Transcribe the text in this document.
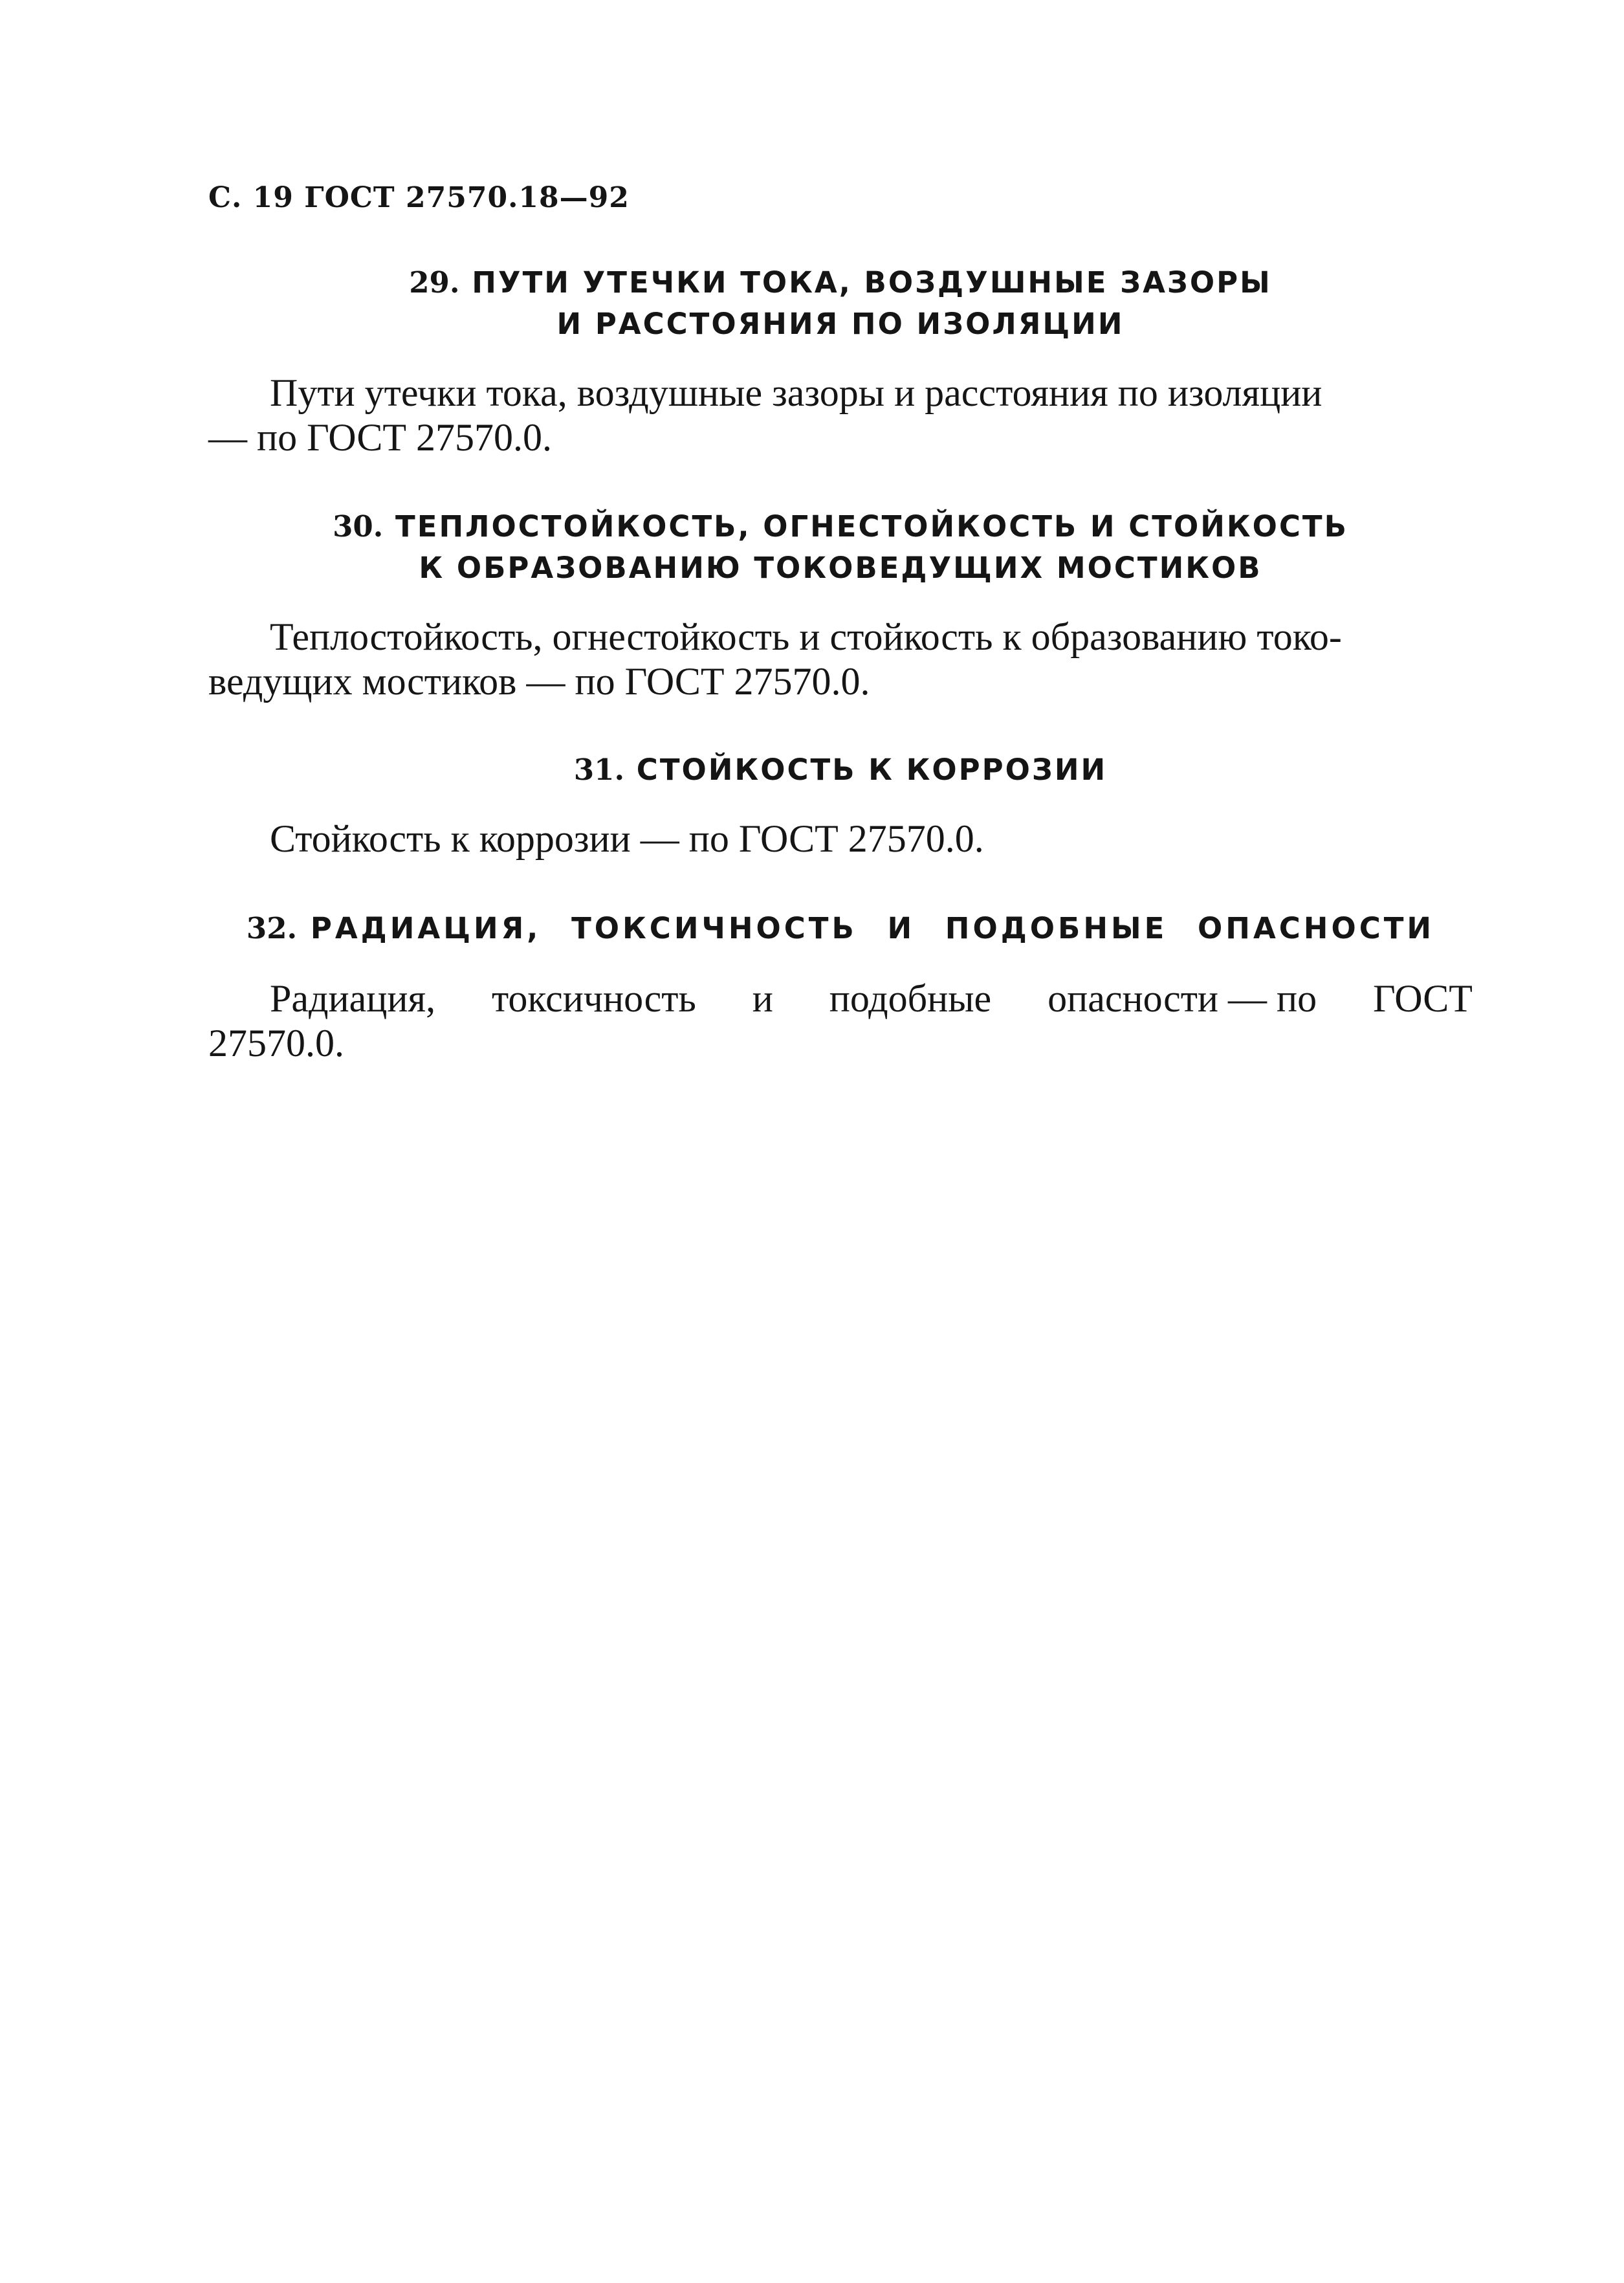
С. 19 ГОСТ 27570.18—92
29. ПУТИ УТЕЧКИ ТОКА, ВОЗДУШНЫЕ ЗАЗОРЫ
И РАССТОЯНИЯ ПО ИЗОЛЯЦИИ
Пути утечки тока, воздушные зазоры и расстояния по изоляции
— по ГОСТ 27570.0.
30. ТЕПЛОСТОЙКОСТЬ, ОГНЕСТОЙКОСТЬ И СТОЙКОСТЬ
К ОБРАЗОВАНИЮ ТОКОВЕДУЩИХ МОСТИКОВ
Теплостойкость, огнестойкость и стойкость к образованию токо-
ведущих мостиков — по ГОСТ 27570.0.
31. СТОЙКОСТЬ К КОРРОЗИИ
Стойкость к коррозии — по ГОСТ 27570.0.
32. РАДИАЦИЯ, ТОКСИЧНОСТЬ И ПОДОБНЫЕ ОПАСНОСТИ
Радиация, токсичность и подобные опасности — по ГОСТ
27570.0.
